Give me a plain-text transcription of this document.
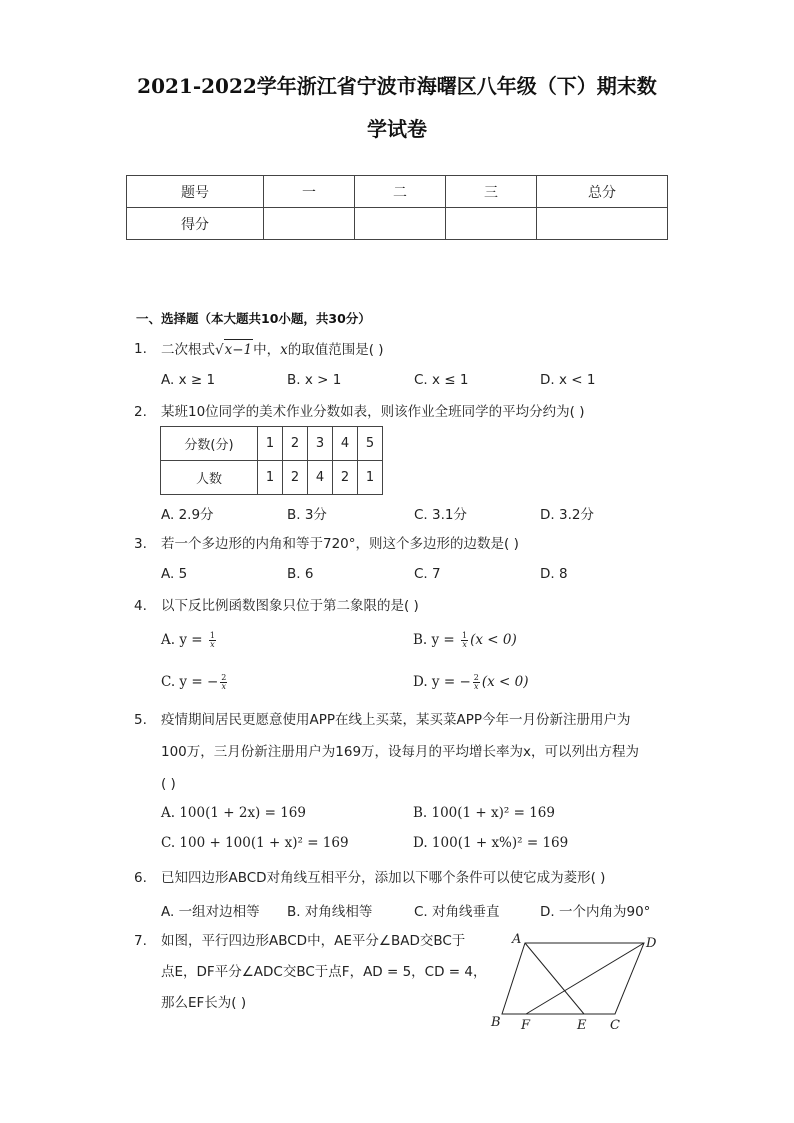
2021-2022学年浙江省宁波市海曙区八年级（下）期末数
学试卷
题号	一	二	三	总分
得分				
一、选择题（本大题共10小题，共30分）
1. 二次根式√x−1中，x的取值范围是( )
A. x ≥ 1	B. x > 1	C. x ≤ 1	D. x < 1
2. 某班10位同学的美术作业分数如表，则该作业全班同学的平均分约为( )
分数(分)	1	2	3	4	5
人数	1	2	4	2	1
A. 2.9分	B. 3分	C. 3.1分	D. 3.2分
3. 若一个多边形的内角和等于720°，则这个多边形的边数是( )
A. 5	B. 6	C. 7	D. 8
4. 以下反比例函数图象只位于第二象限的是( )
A. $y = \frac{1}{x}$	B. $y = \frac{1}{x} (x < 0)$
C. y = − $\frac{2}{x}$	D. y = − $\frac{2}{x} (x < 0)$
5. 疫情期间居民更愿意使用APP在线上买菜，某买菜APP今年一月份新注册用户为
100万，三月份新注册用户为169万，设每月的平均增长率为x，可以列出方程为
( )
A. 100(1 + 2x) = 169	B. 100(1 + x)² = 169
C. 100 + 100(1 + x)² = 169	D. 100(1 + x%)² = 169
6. 已知四边形ABCD对角线互相平分，添加以下哪个条件可以使它成为菱形( )
A. 一组对边相等 B. 对角线相等	C. 对角线垂直	D. 一个内角为90°
7. 如图，平行四边形ABCD中，AE平分∠BAD交BC于
点E，DF平分∠ADC交BC于点F，AD = 5，CD = 4，
那么EF长为( )
A	D
B F	E C
